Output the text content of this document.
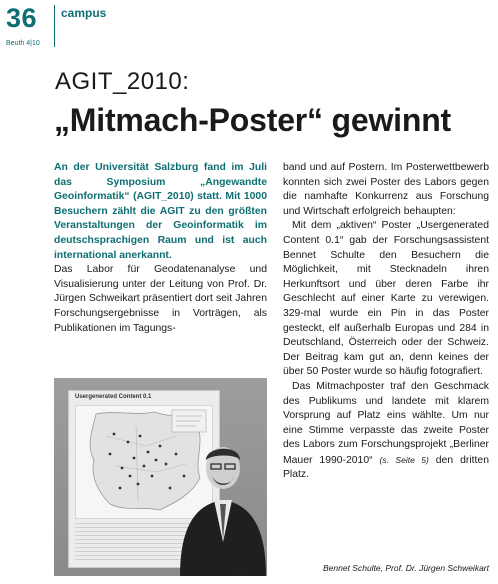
36
Beuth 4|10
campus
AGIT_2010:
„Mitmach-Poster“ gewinnt

An der Universität Salzburg fand im Juli das Symposium „Angewandte Geoinformatik“ (AGIT_2010) statt. Mit 1000 Besuchern zählt die AGIT zu den größten Veranstaltungen der Geoinformatik im deutschsprachigen Raum und ist auch international anerkannt.

Das Labor für Geodatenanalyse und Visualisierung unter der Leitung von Prof. Dr. Jürgen Schweikart präsentiert dort seit Jahren Forschungsergebnisse in Vorträgen, als Publikationen im Tagungs-

band und auf Postern. Im Posterwettbewerb konnten sich zwei Poster des Labors gegen die namhafte Konkurrenz aus Forschung und Wirtschaft erfolgreich behaupten:

Mit dem „aktiven“ Poster „Usergenerated Content 0.1“ gab der Forschungsassistent Bennet Schulte den Besuchern die Möglichkeit, mit Stecknadeln ihren Herkunftsort und über deren Farbe ihr Geschlecht auf einer Karte zu verewigen. 329-mal wurde ein Pin in das Poster gesteckt, elf außerhalb Europas und 284 in Deutschland, Österreich oder der Schweiz. Der Beitrag kam gut an, denn keines der über 50 Poster wurde so häufig fotografiert.

Das Mitmachposter traf den Geschmack des Publikums und landete mit klarem Vorsprung auf Platz eins wählte. Um nur eine Stimme verpasste das zweite Poster des Labors zum Forschungsprojekt „Berliner Mauer 1990-2010“ (s. Seite 5) den dritten Platz.

Usergenerated Content 0.1
Foto: Hersten	Bennet Schulte, Prof. Dr. Jürgen Schweikart
